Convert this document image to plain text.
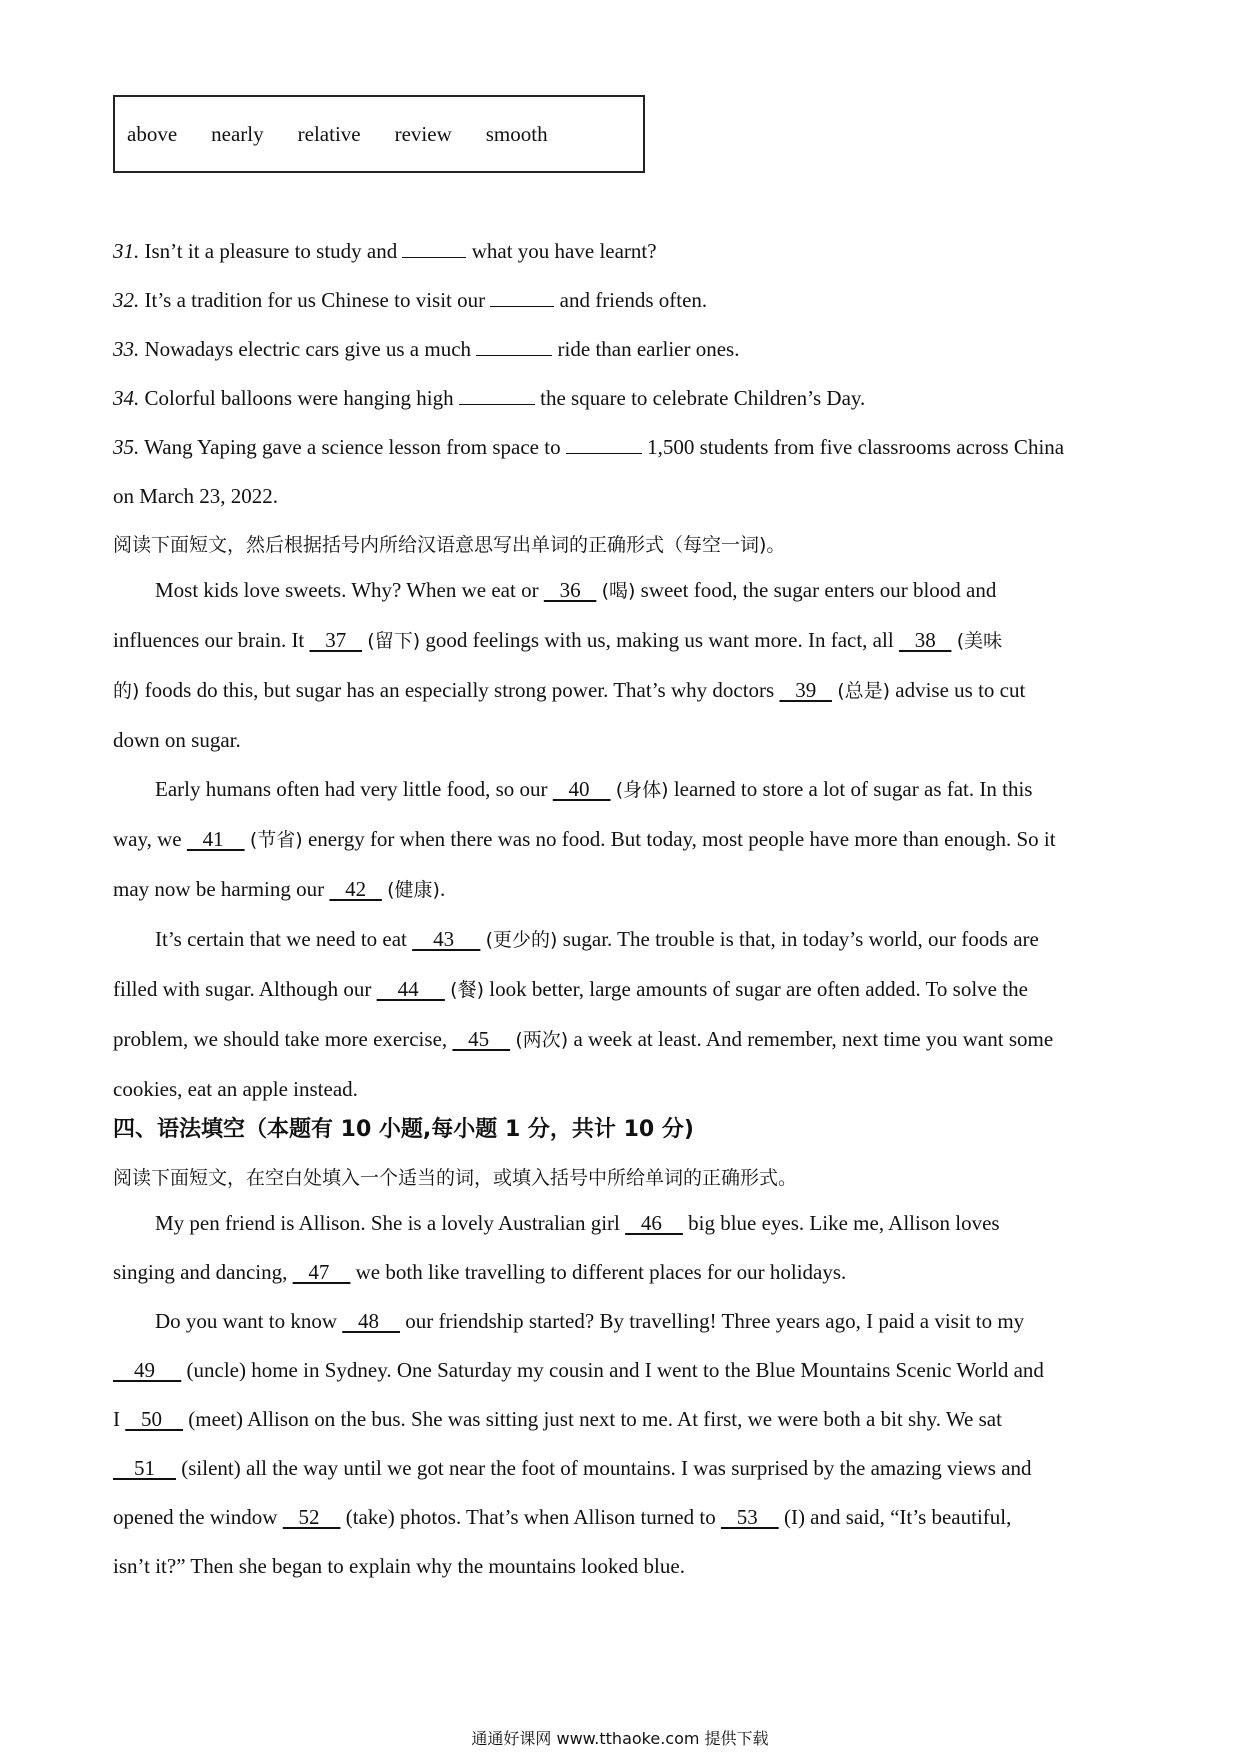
above nearly relative review smooth
31. Isn’t it a pleasure to study and	what you have learnt?
32. It’s a tradition for us Chinese to visit our	and friends often.
33. Nowadays electric cars give us a much	ride than earlier ones.
34. Colorful balloons were hanging high	the square to celebrate Children’s Day.
35. Wang Yaping gave a science lesson from space to	1,500 students from five classrooms across China
on March 23, 2022.
阅读下面短文，然后根据括号内所给汉语意思写出单词的正确形式（每空一词)。
Most kids love sweets. Why? When we eat or    36    (喝) sweet food, the sugar enters our blood and
influences our brain. It    37    (留下) good feelings with us, making us want more. In fact, all    38    (美味
的) foods do this, but sugar has an especially strong power. That’s why doctors    39    (总是) advise us to cut
down on sugar.
Early humans often had very little food, so our    40     (身体) learned to store a lot of sugar as fat. In this
way, we    41     (节省) energy for when there was no food. But today, most people have more than enough. So it
may now be harming our    42    (健康).
It’s certain that we need to eat     43      (更少的) sugar. The trouble is that, in today’s world, our foods are
filled with sugar. Although our     44      (餐) look better, large amounts of sugar are often added. To solve the
problem, we should take more exercise,    45     (两次) a week at least. And remember, next time you want some
cookies, eat an apple instead.
四、语法填空（本题有 10 小题,每小题 1 分，共计 10 分)
阅读下面短文，在空白处填入一个适当的词，或填入括号中所给单词的正确形式。
My pen friend is Allison. She is a lovely Australian girl    46     big blue eyes. Like me, Allison loves
singing and dancing,    47     we both like travelling to different places for our holidays.
Do you want to know    48     our friendship started? By travelling! Three years ago, I paid a visit to my
49      (uncle) home in Sydney. One Saturday my cousin and I went to the Blue Mountains Scenic World and
I    50     (meet) Allison on the bus. She was sitting just next to me. At first, we were both a bit shy. We sat
51     (silent) all the way until we got near the foot of mountains. I was surprised by the amazing views and
opened the window    52     (take) photos. That’s when Allison turned to    53     (I) and said, “It’s beautiful,
isn’t it?” Then she began to explain why the mountains looked blue.
通通好课网 www.tthaoke.com 提供下载
